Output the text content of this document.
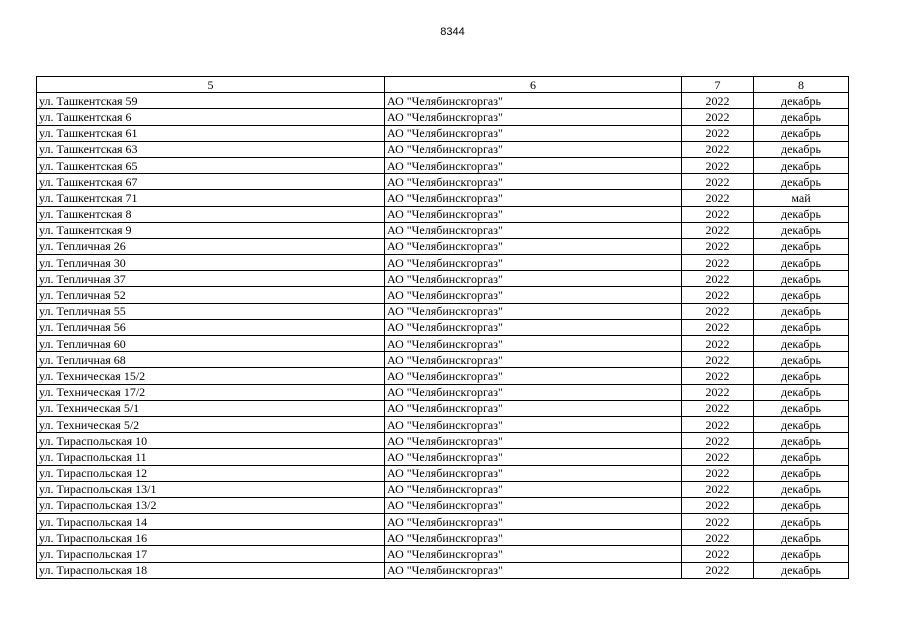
8344
5	6	7	8
ул. Ташкентская 59	АО "Челябинскгоргаз"	2022	декабрь
ул. Ташкентская 6	АО "Челябинскгоргаз"	2022	декабрь
ул. Ташкентская 61	АО "Челябинскгоргаз"	2022	декабрь
ул. Ташкентская 63	АО "Челябинскгоргаз"	2022	декабрь
ул. Ташкентская 65	АО "Челябинскгоргаз"	2022	декабрь
ул. Ташкентская 67	АО "Челябинскгоргаз"	2022	декабрь
ул. Ташкентская 71	АО "Челябинскгоргаз"	2022	май
ул. Ташкентская 8	АО "Челябинскгоргаз"	2022	декабрь
ул. Ташкентская 9	АО "Челябинскгоргаз"	2022	декабрь
ул. Тепличная 26	АО "Челябинскгоргаз"	2022	декабрь
ул. Тепличная 30	АО "Челябинскгоргаз"	2022	декабрь
ул. Тепличная 37	АО "Челябинскгоргаз"	2022	декабрь
ул. Тепличная 52	АО "Челябинскгоргаз"	2022	декабрь
ул. Тепличная 55	АО "Челябинскгоргаз"	2022	декабрь
ул. Тепличная 56	АО "Челябинскгоргаз"	2022	декабрь
ул. Тепличная 60	АО "Челябинскгоргаз"	2022	декабрь
ул. Тепличная 68	АО "Челябинскгоргаз"	2022	декабрь
ул. Техническая 15/2	АО "Челябинскгоргаз"	2022	декабрь
ул. Техническая 17/2	АО "Челябинскгоргаз"	2022	декабрь
ул. Техническая 5/1	АО "Челябинскгоргаз"	2022	декабрь
ул. Техническая 5/2	АО "Челябинскгоргаз"	2022	декабрь
ул. Тираспольская 10	АО "Челябинскгоргаз"	2022	декабрь
ул. Тираспольская 11	АО "Челябинскгоргаз"	2022	декабрь
ул. Тираспольская 12	АО "Челябинскгоргаз"	2022	декабрь
ул. Тираспольская 13/1	АО "Челябинскгоргаз"	2022	декабрь
ул. Тираспольская 13/2	АО "Челябинскгоргаз"	2022	декабрь
ул. Тираспольская 14	АО "Челябинскгоргаз"	2022	декабрь
ул. Тираспольская 16	АО "Челябинскгоргаз"	2022	декабрь
ул. Тираспольская 17	АО "Челябинскгоргаз"	2022	декабрь
ул. Тираспольская 18	АО "Челябинскгоргаз"	2022	декабрь
